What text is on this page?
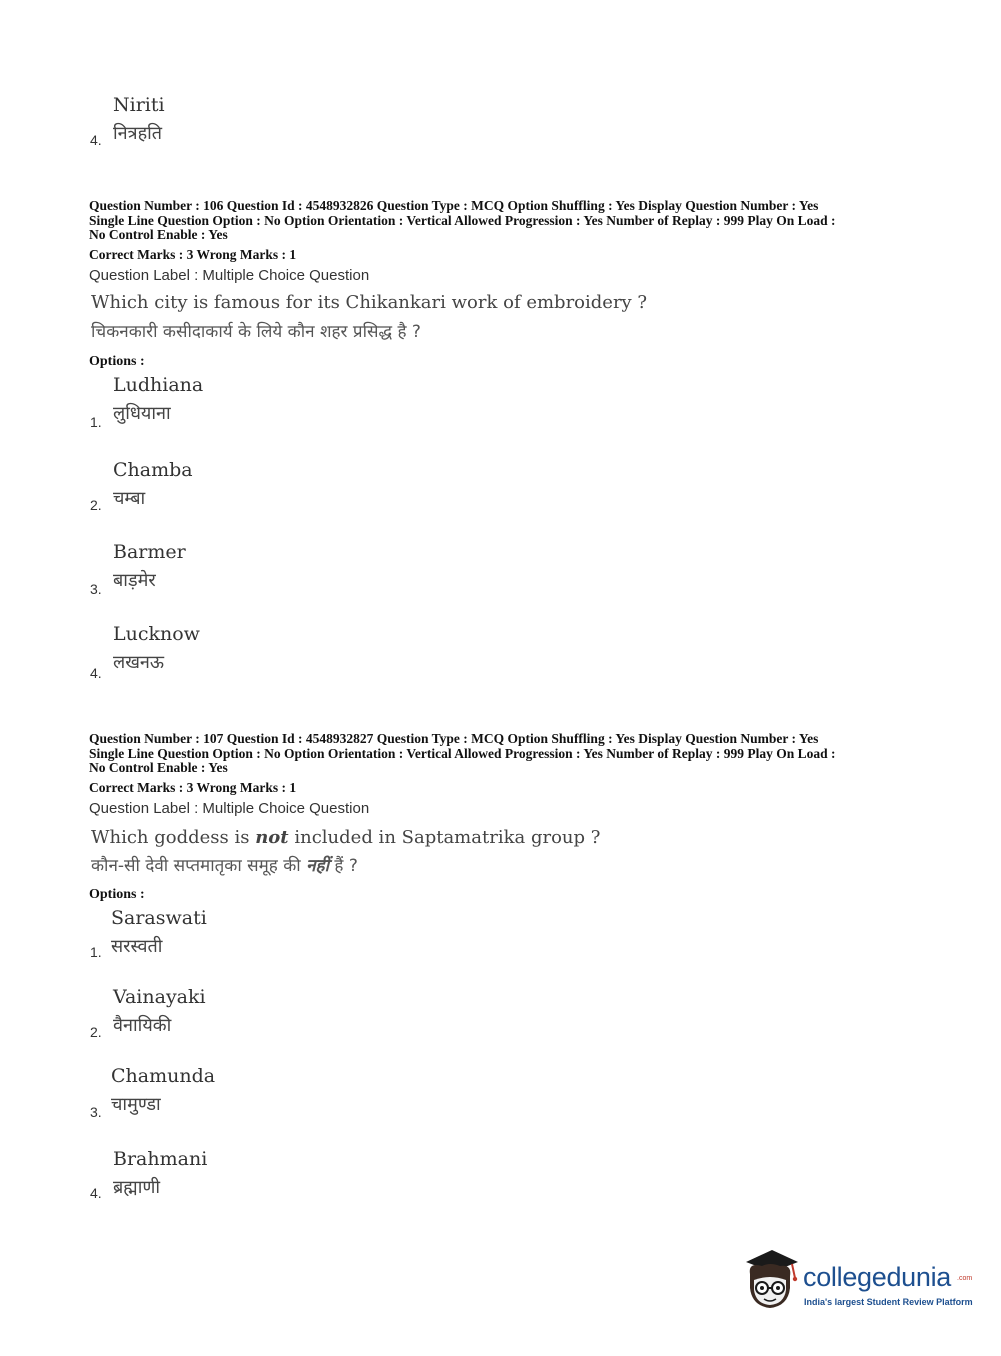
Niriti
नित्रहति
4.
Question Number : 106 Question Id : 4548932826 Question Type : MCQ Option Shuffling : Yes Display Question Number : Yes
Single Line Question Option : No Option Orientation : Vertical Allowed Progression : Yes Number of Replay : 999 Play On Load :
No Control Enable : Yes
Correct Marks : 3 Wrong Marks : 1
Question Label : Multiple Choice Question
Which city is famous for its Chikankari work of embroidery ?
चिकनकारी कसीदाकार्य के लिये कौन शहर प्रसिद्ध है ?
Options :
Ludhiana
लुधियाना
1.
Chamba
चम्बा
2.
Barmer
बाड़मेर
3.
Lucknow
लखनऊ
4.
Question Number : 107 Question Id : 4548932827 Question Type : MCQ Option Shuffling : Yes Display Question Number : Yes
Single Line Question Option : No Option Orientation : Vertical Allowed Progression : Yes Number of Replay : 999 Play On Load :
No Control Enable : Yes
Correct Marks : 3 Wrong Marks : 1
Question Label : Multiple Choice Question
Which goddess is not included in Saptamatrika group ?
कौन-सी देवी सप्तमातृका समूह की नहीं हैं ?
Options :
Saraswati
सरस्वती
1.
Vainayaki
वैनायिकी
2.
Chamunda
चामुण्डा
3.
Brahmani
ब्रह्माणी
4.
collegedunia .com
India's largest Student Review Platform
